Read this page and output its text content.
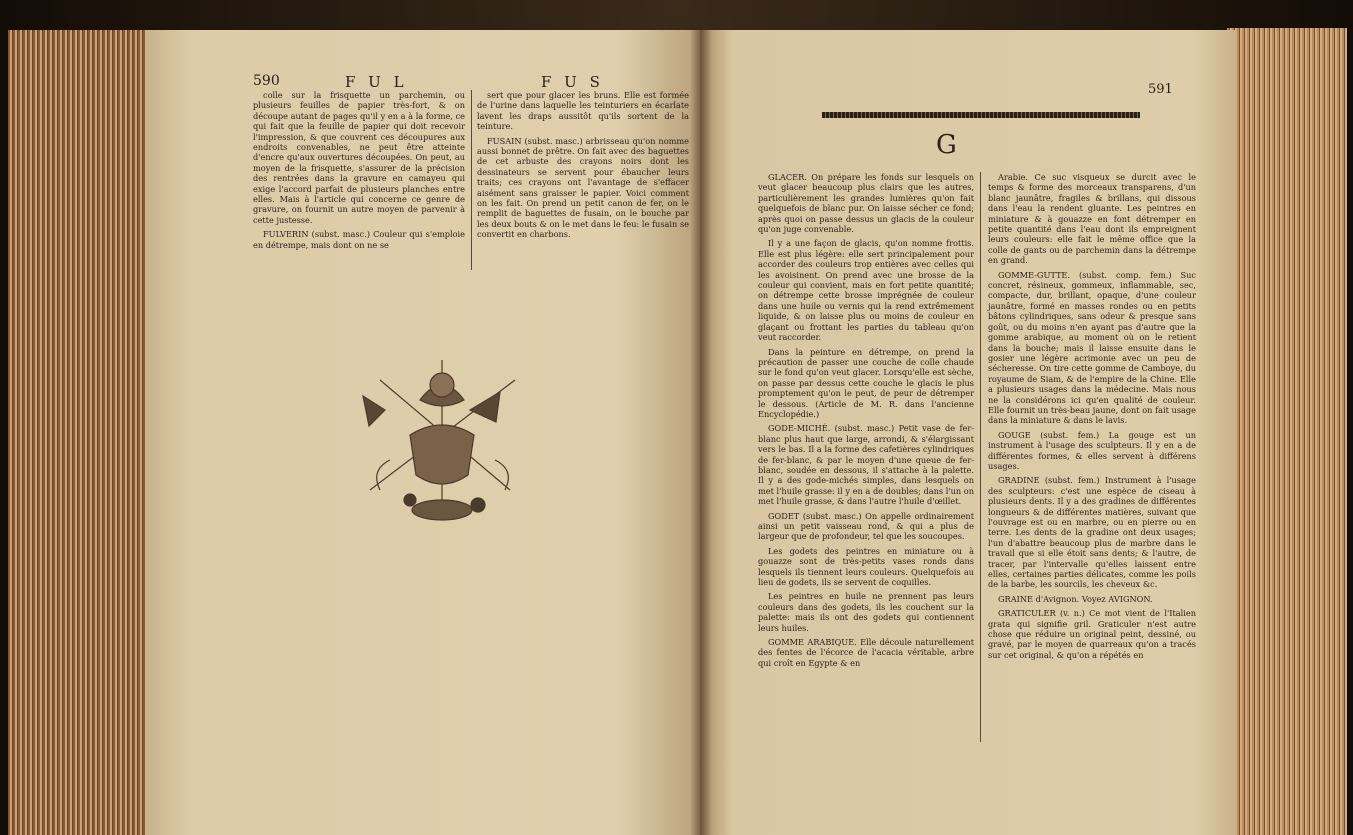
590	F U L	F U S

colle sur la frisquette un parchemin, ou plusieurs feuilles de papier très-fort, & on découpe autant de pages qu'il y en a à la forme, ce qui fait que la feuille de papier qui doit recevoir l'impression, & que couvrent ces découpures aux endroits convenables, ne peut être atteinte d'encre qu'aux ouvertures découpées. On peut, au moyen de la frisquette, s'assurer de la précision des rentrées dans la gravure en camayeu qui exige l'accord parfait de plusieurs planches entre elles. Mais à l'article qui concerne ce genre de gravure, on fournit un autre moyen de parvenir à cette justesse.

FULVERIN (subst. masc.) Couleur qui s'emploie en détrempe, mais dont on ne se

sert que pour glacer les bruns. Elle est formée de l'urine dans laquelle les teinturiers en écarlate lavent les draps aussitôt qu'ils sortent de la teinture.

FUSAIN (subst. masc.) arbrisseau qu'on nomme aussi bonnet de prêtre. On fait avec des baguettes de cet arbuste des crayons noirs dont les dessinateurs se servent pour ébaucher leurs traits; ces crayons ont l'avantage de s'effacer aisément sans graisser le papier. Voici comment on les fait. On prend un petit canon de fer, on le remplit de baguettes de fusain, on le bouche par les deux bouts & on le met dans le feu: le fusain se convertit en charbons.

591
G

GLACER. On prépare les fonds sur lesquels on veut glacer beaucoup plus clairs que les autres, particulièrement les grandes lumières qu'on fait quelquefois de blanc pur. On laisse sécher ce fond; après quoi on passe dessus un glacis de la couleur qu'on juge convenable.

Il y a une façon de glacis, qu'on nomme frottis. Elle est plus légère: elle sert principalement pour accorder des couleurs trop entières avec celles qui les avoisinent. On prend avec une brosse de la couleur qui convient, mais en fort petite quantité; on détrempe cette brosse imprégnée de couleur dans une huile ou vernis qui la rend extrêmement liquide, & on laisse plus ou moins de couleur en glaçant ou frottant les parties du tableau qu'on veut raccorder.

Dans la peinture en détrempe, on prend la précaution de passer une couche de colle chaude sur le fond qu'on veut glacer. Lorsqu'elle est sèche, on passe par dessus cette couche le glacis le plus promptement qu'on le peut, de peur de détremper le dessous. (Article de M. R. dans l'ancienne Encyclopédie.)

GODE-MICHÉ. (subst. masc.) Petit vase de fer-blanc plus haut que large, arrondi, & s'élargissant vers le bas. Il a la forme des cafetières cylindriques de fer-blanc, & par le moyen d'une queue de fer-blanc, soudée en dessous, il s'attache à la palette. Il y a des gode-michés simples, dans lesquels on met l'huile grasse: il y en a de doubles; dans l'un on met l'huile grasse, & dans l'autre l'huile d'œillet.

GODET (subst. masc.) On appelle ordinairement ainsi un petit vaisseau rond, & qui a plus de largeur que de profondeur, tel que les soucoupes.

Les godets des peintres en miniature ou à gouazze sont de très-petits vases ronds dans lesquels ils tiennent leurs couleurs. Quelquefois au lieu de godets, ils se servent de coquilles.

Les peintres en huile ne prennent pas leurs couleurs dans des godets, ils les couchent sur la palette: mais ils ont des godets qui contiennent leurs huiles.

GOMME ARABIQUE. Elle découle naturellement des fentes de l'écorce de l'acacia véritable, arbre qui croît en Egypte & en

Arabie. Ce suc visqueux se durcit avec le temps & forme des morceaux transparens, d'un blanc jaunâtre, fragiles & brillans, qui dissous dans l'eau la rendent gluante. Les peintres en miniature & à gouazze en font détremper en petite quantité dans l'eau dont ils empreignent leurs couleurs: elle fait le même office que la colle de gants ou de parchemin dans la détrempe en grand.

GOMME-GUTTE. (subst. comp. fem.) Suc concret, résineux, gommeux, inflammable, sec, compacte, dur, brillant, opaque, d'une couleur jaunâtre, formé en masses rondes ou en petits bâtons cylindriques, sans odeur & presque sans goût, ou du moins n'en ayant pas d'autre que la gomme arabique, au moment où on le retient dans la bouche; mais il laisse ensuite dans le gosier une légère acrimonie avec un peu de sécheresse. On tire cette gomme de Camboye, du royaume de Siam, & de l'empire de la Chine. Elle a plusieurs usages dans la médecine. Mais nous ne la considérons ici qu'en qualité de couleur. Elle fournit un très-beau jaune, dont on fait usage dans la miniature & dans le lavis.

GOUGE (subst. fem.) La gouge est un instrument à l'usage des sculpteurs. Il y en a de différentes formes, & elles servent à différens usages.

GRADINE (subst. fem.) Instrument à l'usage des sculpteurs: c'est une espèce de ciseau à plusieurs dents. Il y a des gradines de différentes longueurs & de différentes matières, suivant que l'ouvrage est ou en marbre, ou en pierre ou en terre. Les dents de la gradine ont deux usages; l'un d'abattre beaucoup plus de marbre dans le travail que si elle étoit sans dents; & l'autre, de tracer, par l'intervalle qu'elles laissent entre elles, certaines parties délicates, comme les poils de la barbe, les sourcils, les cheveux &c.

GRAINE d'Avignon. Voyez AVIGNON.

GRATICULER (v. n.) Ce mot vient de l'Italien gratа qui signifie gril. Graticuler n'est autre chose que réduire un original peint, dessiné, ou gravé, par le moyen de quarreaux qu'on a tracés sur cet original, & qu'on a répétés en
